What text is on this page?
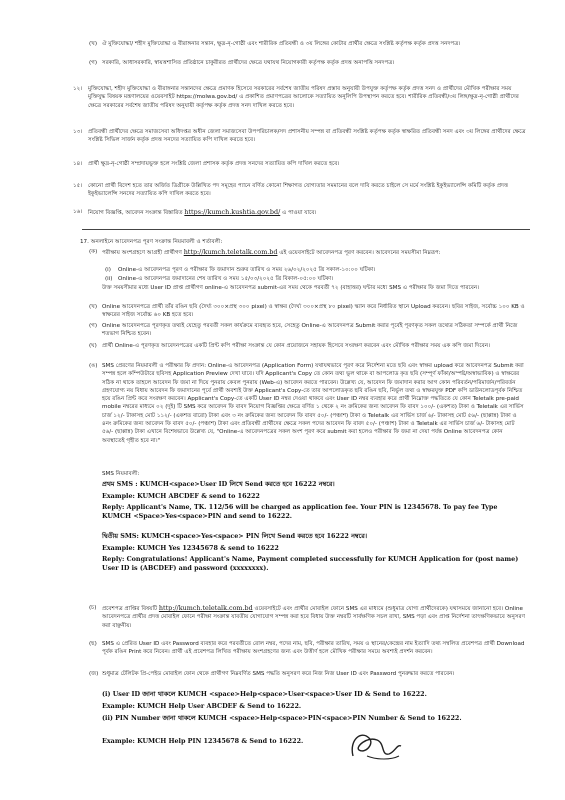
(খ) ঐ মুক্তিযোদ্ধা/ শহীদ মুক্তিযোদ্ধা ও বীরাঙ্গনার সন্তান, ক্ষুদ্র-নৃ-গোষ্ঠী এবং শারীরিক প্রতিবন্ধী ও ৩য় লিঙ্গের কোটার প্রার্থীর ক্ষেত্রে সংশ্লিষ্ট কর্তৃপক্ষ কর্তৃক প্রদত্ত সনদপত্র।

(গ) সরকারি, আধাসরকারি, স্বায়ত্তশাসিত প্রতিষ্ঠানে চাকুরীরত প্রার্থীদের ক্ষেত্রে যথাযথ নিয়োগকারী কর্তৃপক্ষ কর্তৃক প্রদত্ত অনাপত্তি সনদপত্র।

১২। মুক্তিযোদ্ধা, শহীদ মুক্তিযোদ্ধা ও বীরাঙ্গনার সন্তানদের ক্ষেত্রে প্রমাণক হিসেবে সরকারের সর্বশেষ জাতীয় পরিষদ প্রস্তাব অনুযায়ী উপযুক্ত কর্তৃপক্ষ কর্তৃক প্রদত্ত সনদ ও প্রার্থীদের মৌখিক পরীক্ষার সময় মুক্তিযুদ্ধ বিষয়ক মন্ত্রণালয়ের ওয়েবসাইট https://molwa.gov.bd/ এ প্রকাশিত প্রমাণপত্রের আলোকে সত্যায়িত অনুলিপি উপস্থাপন করতে হবে। শারীরিক প্রতিবন্ধী/৩য় লিঙ্গ/ক্ষুদ্র-নৃ-গোষ্ঠী প্রার্থীদের ক্ষেত্রে সরকারের সর্বশেষ জাতীয় পরিষদ অনুযায়ী কর্তৃপক্ষ কর্তৃক প্রদত্ত সনদ দাখিল করতে হবে।

১৩। প্রতিবন্ধী প্রার্থীদের ক্ষেত্রে সমাজসেবা অধিদপ্তর অধীন জেলা সমাজসেবা উপপরিচালক/সদ প্রশাসনীয় সম্পন্ন বা প্রতিবন্ধী সংশ্লিষ্ট কর্তৃপক্ষ কর্তৃক স্বাক্ষরিত প্রতিবন্ধী সনদ এবং ৩য় লিঙ্গের প্রার্থীদের ক্ষেত্রে সংশ্লিষ্ট সিভিল সার্জন কর্তৃক প্রদত্ত সনদের সত্যায়িত কপি দাখিল করতে হবে।

১৪। প্রার্থী ক্ষুদ্র-নৃ-গোষ্ঠী সম্প্রদায়ভুক্ত হলে সংশ্লিষ্ট জেলা প্রশাসক কর্তৃক প্রদত্ত সনদের সত্যায়িত কপি দাখিল করতে হবে।

১৫। কোনো প্রার্থী বিদেশ হতে তার অর্জিত ডিগ্রীকে উল্লিখিত পদ সমূহের প্যানে বর্ণিত কোনো শিক্ষাগত যোগ্যতার সমমানের বলে দাবি করতে চাইলে সে মর্মে সংশ্লিষ্ট ইকুইভ্যালেন্সি কমিটি কর্তৃক প্রদত্ত ইকুইভ্যালেন্সি সনদের সত্যায়িত কপি দাখিল করতে হবে।

১৬। নিয়োগ বিজ্ঞপ্তি, আবেদন সংক্রান্ত বিস্তারিত https://kumch.kushtia.gov.bd/ এ পাওয়া যাবে।

17. অনলাইনে আবেদনপত্র পূরণ সংক্রান্ত নিয়মাবলী ও শর্তাবলী:
(ক) পরীক্ষায় অংশগ্রহণে আগ্রহী প্রার্থীগণ http://kumch.teletalk.com.bd এই ওয়েবসাইটে আবেদনপত্র পূরণ করবেন। আবেদনের সময়সীমা নিম্নরূপ:

(i) Online-এ আবেদনপত্র পূরণ ও পরীক্ষার ফি জমাদান শুরুর তারিখ ও সময় ২৬/০২/২০২৫ খ্রি সকাল-১০:০০ ঘটিকা।

(ii) Online-এ আবেদনপত্র জমাদানের শেষ তারিখ ও সময় ১৫/০৩/২০২৫ খ্রি বিকাল-০৫:০০ ঘটিকা।

উক্ত সময়সীমার মধ্যে User ID প্রাপ্ত প্রার্থীগণ online-এ আবেদনপত্র submit-এর সময় থেকে পরবর্তী ৭২ (বাহাত্তর) ঘন্টার মধ্যে SMS এ পরীক্ষার ফি জমা দিতে পারবেন।

(খ) Online আবেদনপত্রে প্রার্থী তাঁর রঙিন ছবি (দৈর্ঘ্য ৩০০×প্রস্থ ৩০০ pixel) ও স্বাক্ষর (দৈর্ঘ্য ৩০০×প্রস্থ ৮০ pixel) স্ক্যান করে নির্ধারিত স্থানে Upload করবেন। ছবির সাইজ, সর্বোচ্চ ১০০ KB ও স্বাক্ষরের সাইজ সর্বোচ্চ ৬০ KB হতে হবে।

(গ) Online আবেদনপত্রে পূরণকৃত তথ্যই যেহেতু পরবর্তী সকল কার্যক্রমে ব্যবহৃত হবে, সেহেতু Online-এ আবেদনপত্র Submit করার পূর্বেই পূরণকৃত সকল তথ্যের সঠিকতা সম্পর্কে প্রার্থী নিজে শতভাগ নিশ্চিত হবেন।

(ঘ) প্রার্থী Online-এ পূরণকৃত আবেদনপত্রের একটি প্রিন্ট কপি পরীক্ষা সংক্রান্ত যে কোন প্রয়োজনে সহায়ক হিসেবে সংরক্ষণ করবেন এবং মৌখিক পরীক্ষার সময় এক কপি জমা দিবেন।

(ঙ) SMS প্রেরণের নিয়মাবলী ও পরীক্ষার ফি প্রদান: Online-এ আবেদনপত্র (Application Form) যথাযথভাবে পূরণ করে নির্দেশনা মতে ছবি এবং স্বাক্ষর upload করে আবেদনপত্র Submit করা সম্পন্ন হলে কম্পিউটারে ছবিসহ Application Preview দেখা যাবে। যদি Applicant's Copy তে কোন তথ্য ভুল থাকে বা আপলোড কৃত ছবি (সম্পূর্ণ ফাঁকা/অস্পষ্ট/অস্বাভাবিক) ও স্বাক্ষরের সঠিক না থাকে তাহলে আবেদন ফি জমা না দিয়ে পুনরায় কেবল পুনরায় (Web-এ) আবেদন করতে পারবেন। উল্লেখ্য যে, আবেদন ফি জমাদান করার আগ কোন পরিবর্তন/পরিমার্জন/পরিবর্তন গ্রহণযোগ্য নয় বিধায় আবেদন ফি জমাদানের পূর্বে প্রার্থী অবশ্যই উক্ত Applicant's Copy-তে তার আপলোডকৃত ছবি রঙিন ছবি, নির্ভুল তথ্য ও স্বাক্ষরযুক্ত PDF কপি ডাউনলোডপূর্বক নিশ্চিত হয়ে রঙিন প্রিন্ট করে সংরক্ষণ করবেন। Applicant's Copy-তে একটি User ID নম্বর দেওয়া থাকবে এবং User ID নম্বর ব্যবহার করে প্রার্থী নিম্নোক্ত পদ্ধতিতে যে কোন Teletalk pre-paid mobile নম্বরের মাধ্যমে ০২ (দুই) টি SMS করে আবেদন ফি বাবদ নিয়োগ বিজ্ঞপ্তির ক্ষেত্রে বর্ণিত ১ থেকে ২ নং ক্রমিকের জন্য আবেদন ফি বাবদ ১০০/- (একশত) টাকা ও Teletalk এর সার্ভিস চার্জ ১২/- টাকাসহ মোট ১১২/- (একশত বারো) টাকা এবং ৩ নং ক্রমিকের জন্য আবেদন ফি বাবদ ৫০/- (পঞ্চাশ) টাকা ও Teletalk এর সার্ভিস চার্জ ৬/- টাকাসহ মোট ৫৬/- (ছাপ্পান্ন) টাকা ও ৪নং ক্রমিকের জন্য আবেদন ফি বাবদ ৫০/- (পঞ্চাশ) টাকা এবং প্রতিবন্ধী প্রার্থীদের ক্ষেত্রে সকল পদের আবেদন ফি বাবদ ৫০/- (পঞ্চাশ) টাকা ও Teletalk এর সার্ভিস চার্জ ৬/- টাকাসহ মোট ৫৬/- (ছাপ্পান্ন) টাকা এখানে বিশেষভাবে উল্লেখ্য যে, "Online-এ আবেদনপত্রের সকল অংশ পূরণ করে submit করা হলেও পরীক্ষার ফি জমা না দেয়া পর্যন্ত Online আবেদনপত্র কোন অবস্থাতেই গৃহীত হবে না।"

SMS নিয়মাবলী:

প্রথম SMS : KUMCH<space>User ID লিখে Send করতে হবে 16222 নম্বরে।

Example: KUMCH ABCDEF & send to 16222

Reply: Applicant's Name, TK. 112/56 will be charged as application fee. Your PIN is 12345678. To pay fee Type KUMCH <Space>Yes<space>PIN and send to 16222.

দ্বিতীয় SMS: KUMCH<space>Yes<space> PIN লিখে Send করতে হবে 16222 নম্বরে।

Example: KUMCH Yes 12345678 & send to 16222

Reply: Congratulations! Applicant's Name, Payment completed successfully for KUMCH Application for (post name) User ID is (ABCDEF) and password (xxxxxxxx).

(চ) প্রবেশপত্র প্রাপ্তির বিষয়টি http://kumch.teletalk.com.bd ওয়েবসাইটে এবং প্রার্থীর মোবাইল ফোনে SMS এর মাধ্যমে (শুধুমাত্র যোগ্য প্রার্থীদেরকে) যথাসময়ে জানানো হবে। Online আবেদনপত্রে প্রার্থীর প্রদত্ত মোবাইল ফোনে পরীক্ষা সংক্রান্ত যাবতীয় যোগাযোগ সম্পন্ন করা হবে বিধায় উক্ত নম্বরটি সার্বক্ষণিক সচল রাখা, SMS পড়া এবং প্রাপ্ত নির্দেশনা তাৎক্ষণিকভাবে অনুসরণ করা বাঞ্ছনীয়।

(ছ) SMS এ প্রেরিত User ID এবং Password ব্যবহার করে পরবর্তীতে রোল নম্বর, পদের নাম, ছবি, পরীক্ষার তারিখ, সময় ও স্থানের/কেন্দ্রের নাম ইত্যাদি তথ্য সম্বলিত প্রবেশপত্র প্রার্থী Download পূর্বক রঙিন Print করে নিবেন। প্রার্থী এই প্রবেশপত্র লিখিত পরীক্ষায় অংশগ্রহণের জন্য এবং উত্তীর্ণ হলে মৌখিক পরীক্ষার সময়ে অবশ্যই প্রদর্শন করবেন।

(জ) শুধুমাত্র টেলিটক প্রি-পেইড মোবাইল ফোন থেকে প্রার্থীগণ নিম্নবর্ণিত SMS পদ্ধতি অনুসরণ করে নিজ নিজ User ID এবং Password পুনরুদ্ধার করতে পারবেন।

(i) User ID জানা থাকলে KUMCH <space>Help<space>User<space>User ID & Send to 16222.

Example: KUMCH Help User ABCDEF & Send to 16222.

(ii) PIN Number জানা থাকলে KUMCH <space>Help<space>PIN<space>PIN Number & Send to 16222.

Example: KUMCH Help PIN 12345678 & Send to 16222.
